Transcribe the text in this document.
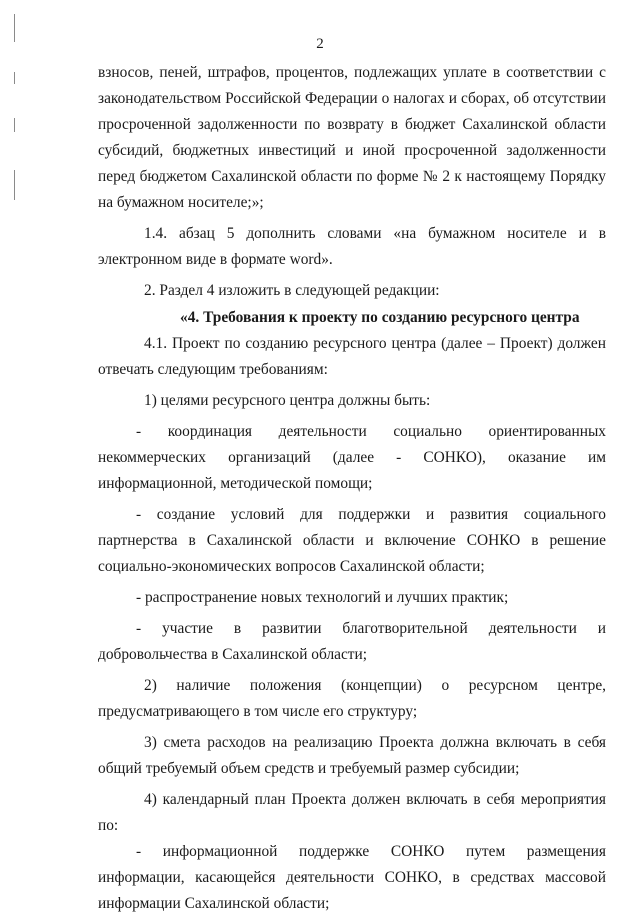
2

взносов, пеней, штрафов, процентов, подлежащих уплате в соответствии с законодательством Российской Федерации о налогах и сборах, об отсутствии просроченной задолженности по возврату в бюджет Сахалинской области субсидий, бюджетных инвестиций и иной просроченной задолженности перед бюджетом Сахалинской области по форме № 2 к настоящему Порядку на бумажном носителе;»;

1.4. абзац 5 дополнить словами «на бумажном носителе и в электронном виде в формате word».

2. Раздел 4 изложить в следующей редакции:

«4. Требования к проекту по созданию ресурсного центра

4.1. Проект по созданию ресурсного центра (далее – Проект) должен отвечать следующим требованиям:

1) целями ресурсного центра должны быть:

- координация деятельности социально ориентированных некоммерческих организаций (далее - СОНКО), оказание им информационной, методической помощи;

- создание условий для поддержки и развития социального партнерства в Сахалинской области и включение СОНКО в решение социально-экономических вопросов Сахалинской области;

- распространение новых технологий и лучших практик;

- участие в развитии благотворительной деятельности и добровольчества в Сахалинской области;

2) наличие положения (концепции) о ресурсном центре, предусматривающего в том числе его структуру;

3) смета расходов на реализацию Проекта должна включать в себя общий требуемый объем средств и требуемый размер субсидии;

4) календарный план Проекта должен включать в себя мероприятия по:

- информационной поддержке СОНКО путем размещения информации, касающейся деятельности СОНКО, в средствах массовой информации Сахалинской области;
